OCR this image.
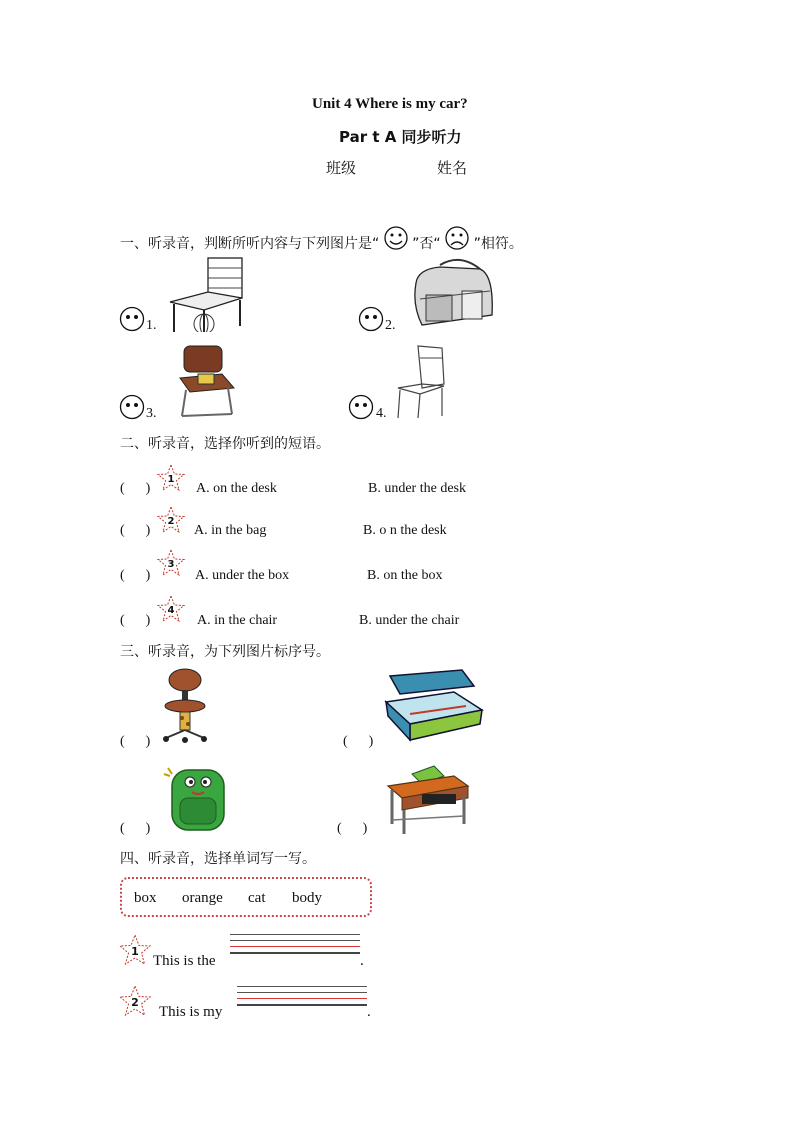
Unit 4 Where is my car?
Par t A 同步听力
班级	姓名
一、听录音，判断所听内容与下列图片是“ ”否“ ”相符。
1.	2.
3.	4.
二、听录音，选择你听到的短语。
(      )
1
A. on the desk	B. under the desk
(      )
2
A. in the bag	B. o n the desk
(      )
3
A. under the box	B. on the box
(      )
4
A. in the chair	B. under the chair
三、听录音，为下列图片标序号。
(      )	(      )
(      )	(      )
四、听录音，选择单词写一写。
box orange cat body
1
This is the	.
2
This is my	.
